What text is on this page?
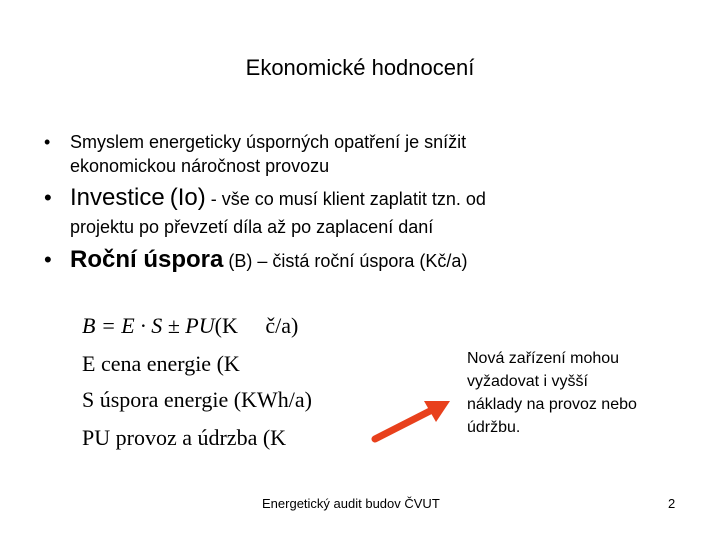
Ekonomické hodnocení
• Smyslem energeticky úsporných opatření je snížit
ekonomickou náročnost provozu
• Investice (Io) - vše co musí klient zaplatit tzn. od
projektu po převzetí díla až po zaplacení daní
• Roční úspora (B) – čistá roční úspora (Kč/a)
B = E · S ± PU(K     č/a)
E cena energie (K
S úspora energie (KWh/a)
PU provoz a údrzba (K
Nová zařízení mohou
vyžadovat i vyšší
náklady na provoz nebo
údržbu.
Energetický audit budov ČVUT	2
